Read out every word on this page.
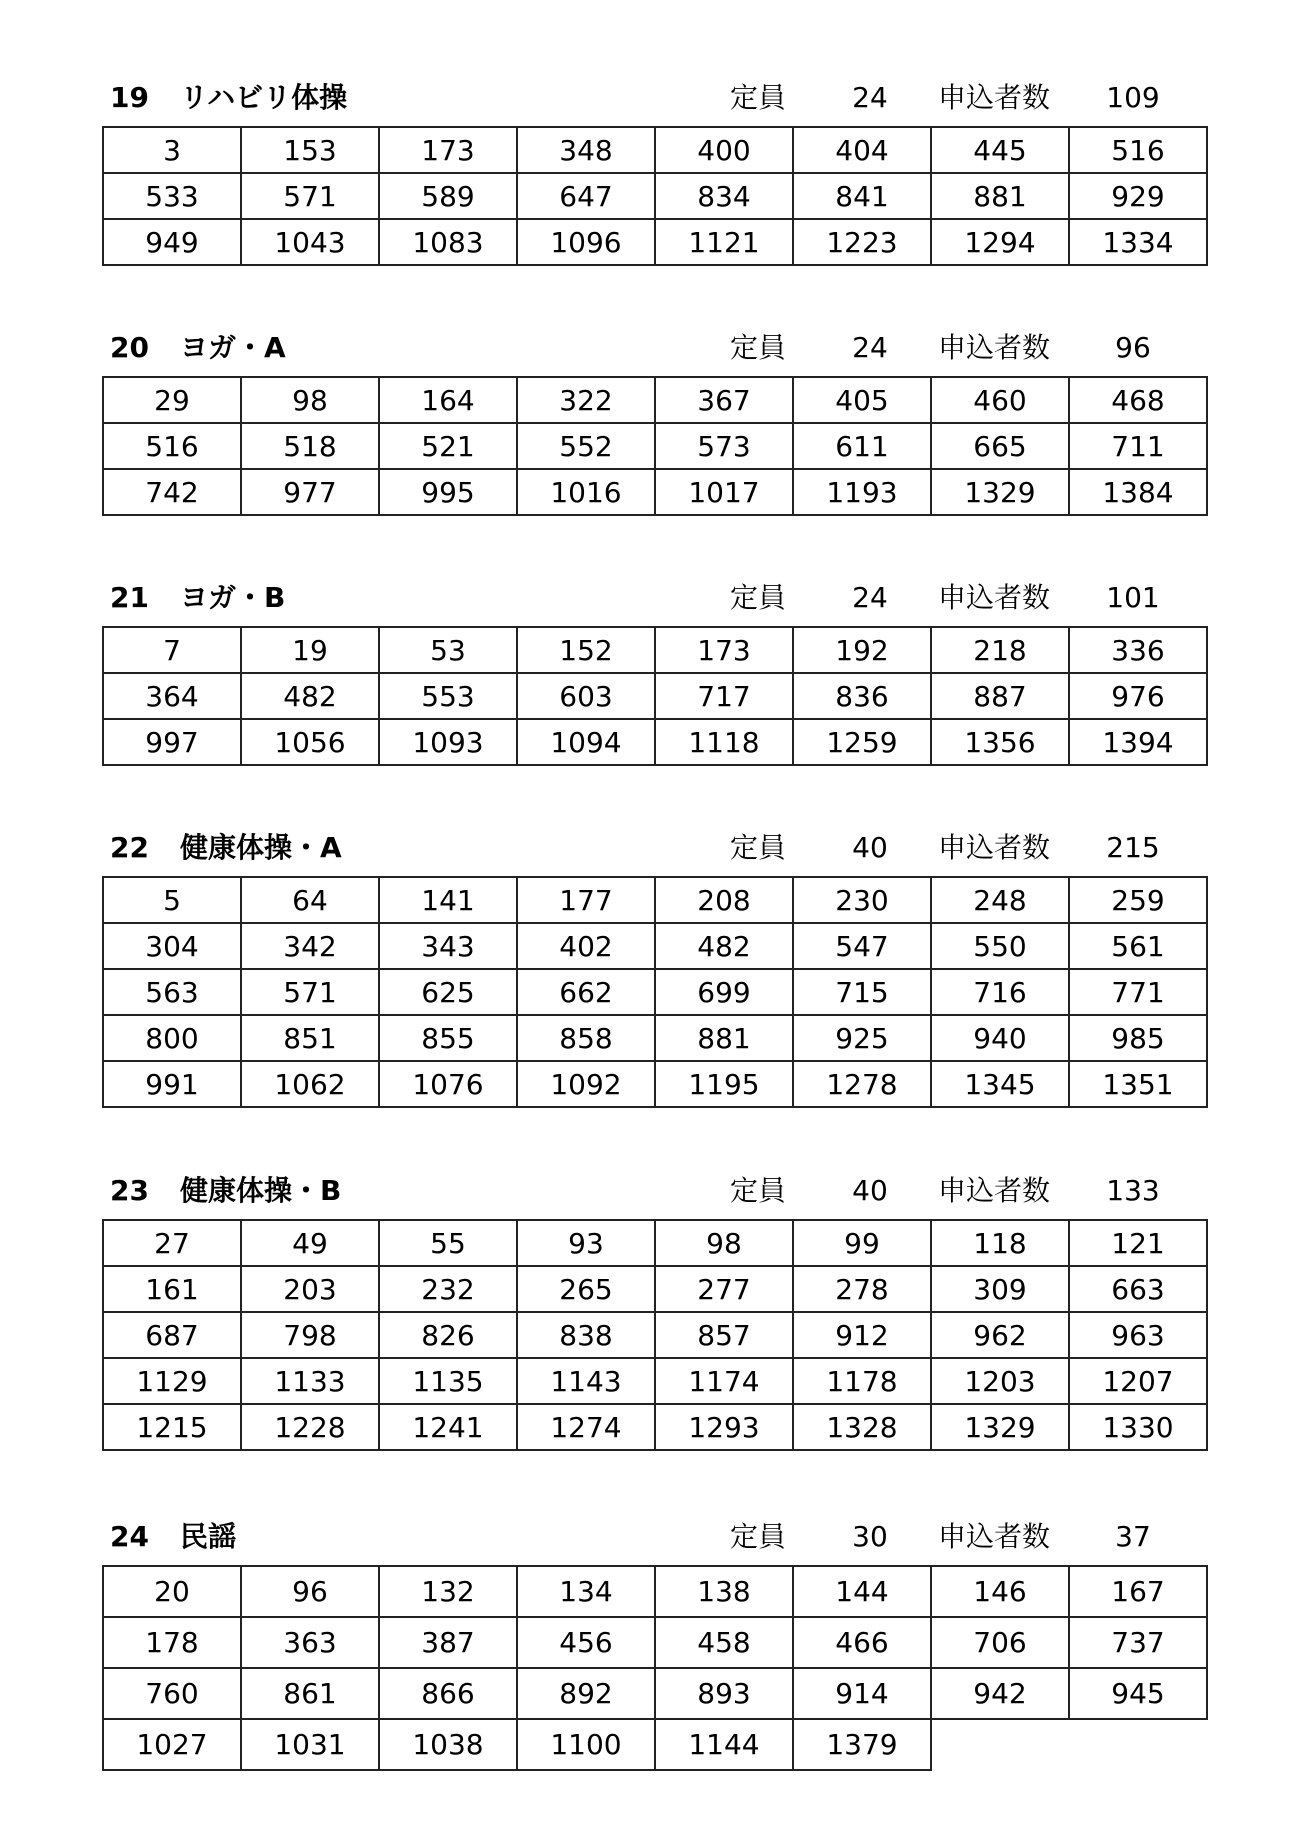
19 リハビリ体操	定員	24	申込者数 109
3	153	173	348	400	404	445	516
533	571	589	647	834	841	881	929
949	1043	1083	1096	1121	1223	1294	1334
20 ヨガ・A	定員	24	申込者数	96
29	98	164	322	367	405	460	468
516	518	521	552	573	611	665	711
742	977	995	1016	1017	1193	1329	1384
21 ヨガ・B	定員	24	申込者数 101
7	19	53	152	173	192	218	336
364	482	553	603	717	836	887	976
997	1056	1093	1094	1118	1259	1356	1394
22 健康体操・A	定員	40	申込者数 215
5	64	141	177	208	230	248	259
304	342	343	402	482	547	550	561
563	571	625	662	699	715	716	771
800	851	855	858	881	925	940	985
991	1062	1076	1092	1195	1278	1345	1351
23 健康体操・B	定員	40	申込者数 133
27	49	55	93	98	99	118	121
161	203	232	265	277	278	309	663
687	798	826	838	857	912	962	963
1129	1133	1135	1143	1174	1178	1203	1207
1215	1228	1241	1274	1293	1328	1329	1330
24 民謡	定員	30	申込者数	37
20	96	132	134	138	144	146	167
178	363	387	456	458	466	706	737
760	861	866	892	893	914	942	945
1027	1031	1038	1100	1144	1379		
